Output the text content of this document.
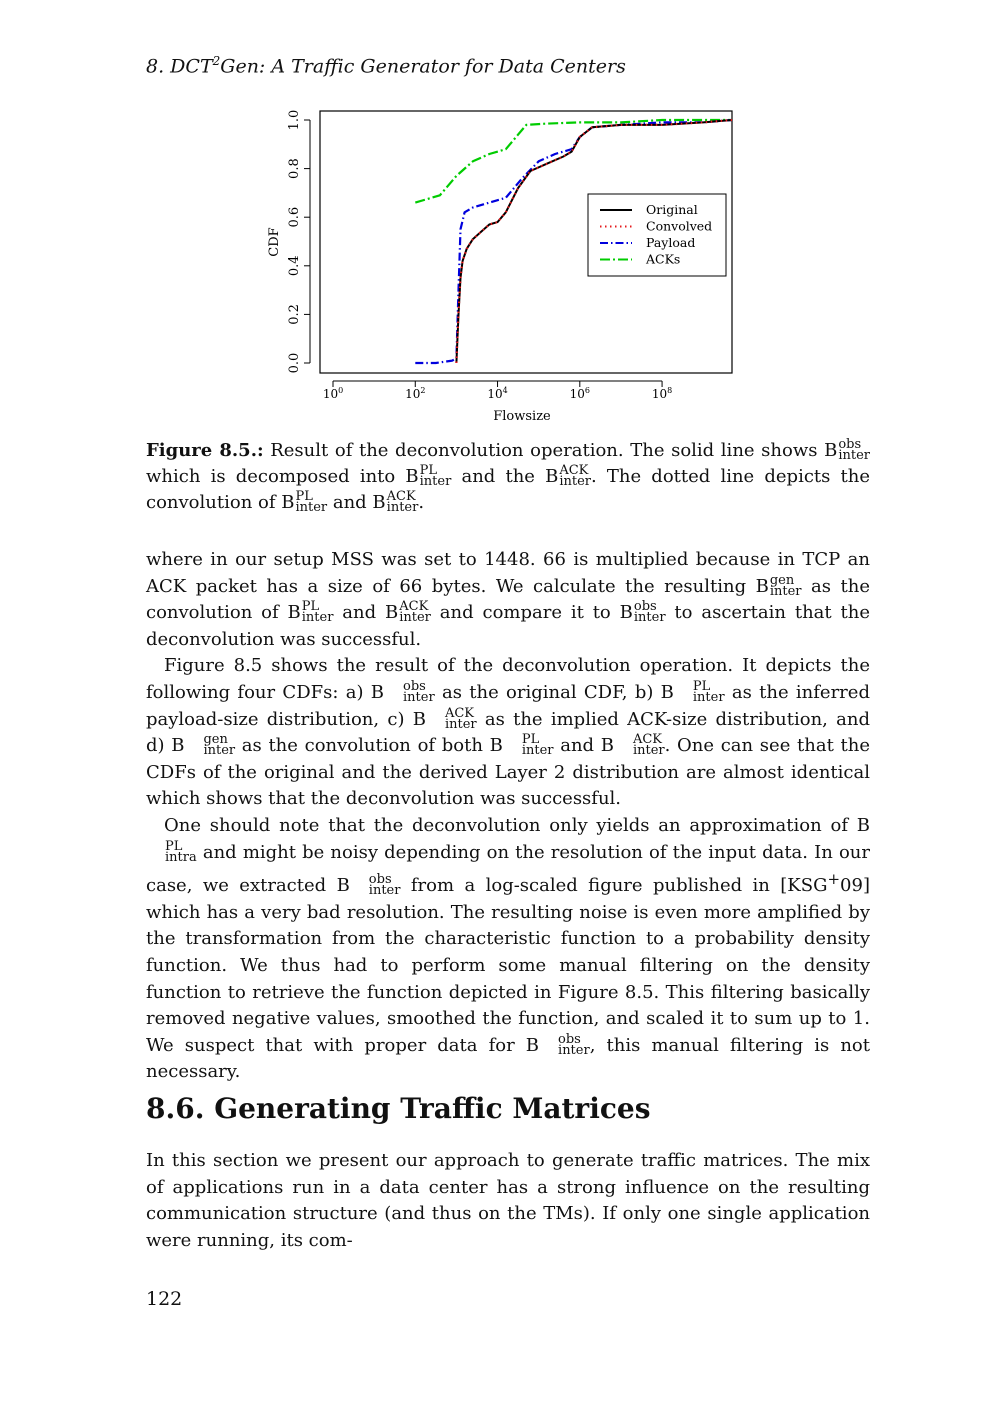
8. DCT$^2$Gen: A Traffic Generator for Data Centers
0.0
0.2
0.4
0.6
0.8
1.0
$10^0$	$10^2$	$10^4$	$10^6$	$10^8$
CDF
Flowsize
Original
Convolved
Payload
ACKs
Figure 8.5.: Result of the deconvolution operation. The solid line shows B obs
inter
which is decomposed into B PL
inter and the B ACK
inter . The dotted line depicts the convolution of B PL
inter and B ACK
inter .

where in our setup MSS was set to 1448. 66 is multiplied because in TCP an ACK packet has a size of 66 bytes. We calculate the resulting B gen
inter as the convolution of B PL
inter and B ACK
inter and compare it to B obs
inter to ascertain that the deconvolution was successful.

Figure 8.5 shows the result of the deconvolution operation. It depicts the following four CDFs: a) B	obs
inter as the original CDF, b) B	PL
inter as the inferred payload-size distribution, c) B	ACK
inter as the implied ACK-size distribution, and d) B	gen
inter as the convolution of both B	PL
inter and B	ACK
inter . One can see that the CDFs of the original and the derived Layer 2 distribution are almost identical which shows that the deconvolution was successful.

One should note that the deconvolution only yields an approximation of B
PL
intra and might be noisy depending on the resolution of the input data. In our case, we extracted B	obs
inter from a log-scaled figure published in [KSG+09] which has a very bad resolution. The resulting noise is even more amplified by the transformation from the characteristic function to a probability density function. We thus had to perform some manual filtering on the density function to retrieve the function depicted in Figure 8.5. This filtering basically removed negative values, smoothed the function, and scaled it to sum up to 1. We suspect that with proper data for B	obs
inter , this manual filtering is not necessary.

8.6. Generating Traffic Matrices

In this section we present our approach to generate traffic matrices. The mix of applications run in a data center has a strong influence on the resulting communication structure (and thus on the TMs). If only one single application were running, its com-

122
